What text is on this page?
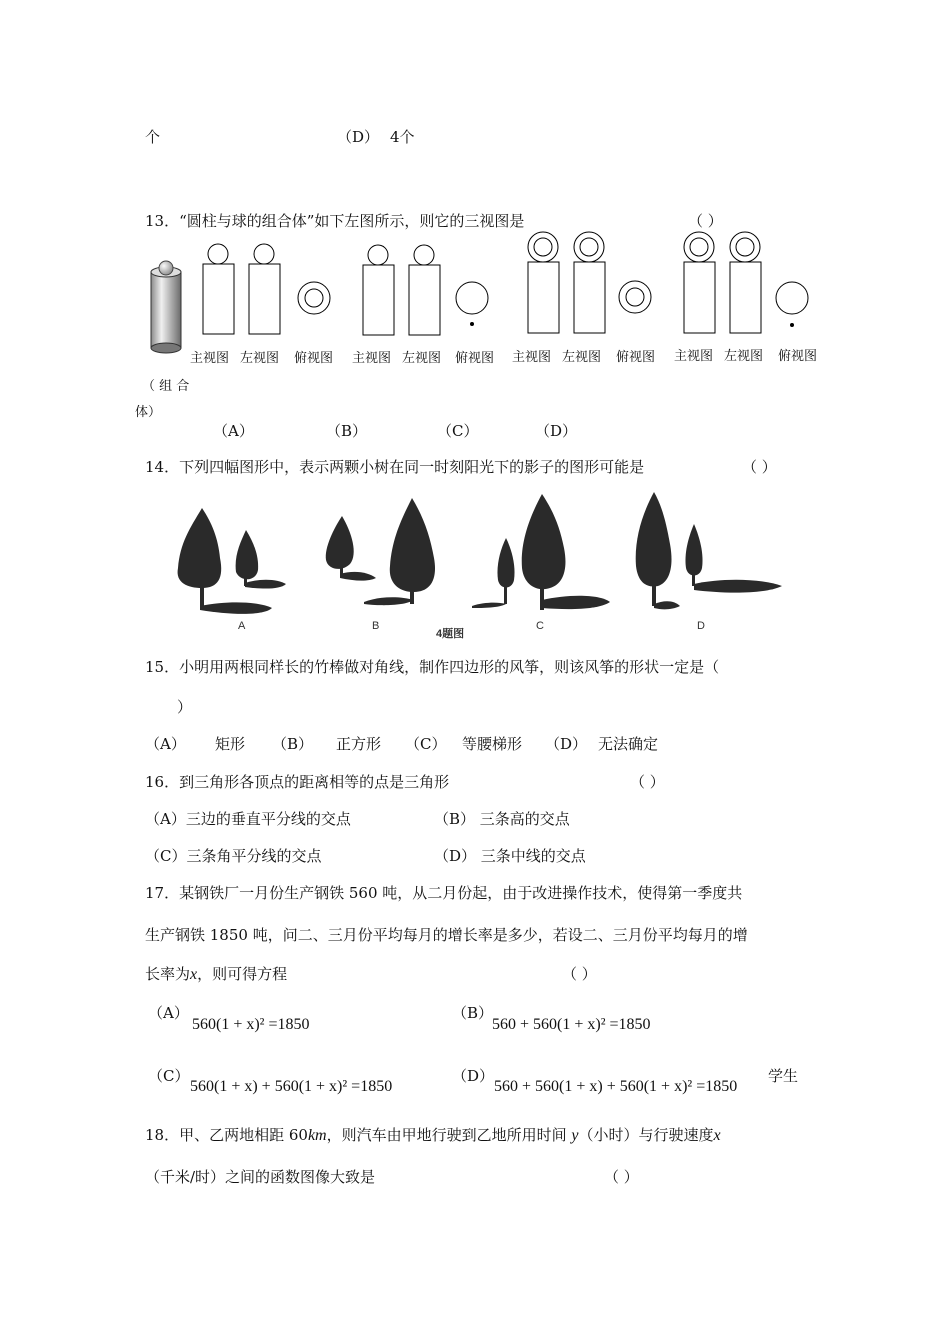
个	（D） 4个
13．“圆柱与球的组合体”如下左图所示，则它的三视图是	（ ）
主视图 左视图 俯视图 主视图 左视图 俯视图 主视图 左视图 俯视图 主视图 左视图 俯视图
（ 组 合
体）
（A）	（B）	（C）	（D）
14．下列四幅图形中，表示两颗小树在同一时刻阳光下的影子的图形可能是	（ ）
A	B
4题图
C	D
15．小明用两根同样长的竹棒做对角线，制作四边形的风筝，则该风筝的形状一定是（
）
（A） 矩形 （B） 正方形 （C） 等腰梯形 （D） 无法确定
16．到三角形各顶点的距离相等的点是三角形	（ ）
（A）三边的垂直平分线的交点	（B） 三条高的交点
（C）三条角平分线的交点	（D） 三条中线的交点
17．某钢铁厂一月份生产钢铁 560 吨，从二月份起，由于改进操作技术，使得第一季度共
生产钢铁 1850 吨，问二、三月份平均每月的增长率是多少，若设二、三月份平均每月的增
长率为x，则可得方程	（ ）
（A）
560(1 + x)² =1850
（B）
560 + 560(1 + x)² =1850
（C）
560(1 + x) + 560(1 + x)² =1850
（D）
560 + 560(1 + x) + 560(1 + x)² =1850
学生
18．甲、乙两地相距 60km，则汽车由甲地行驶到乙地所用时间 y（小时）与行驶速度x
（千米/时）之间的函数图像大致是	（ ）
